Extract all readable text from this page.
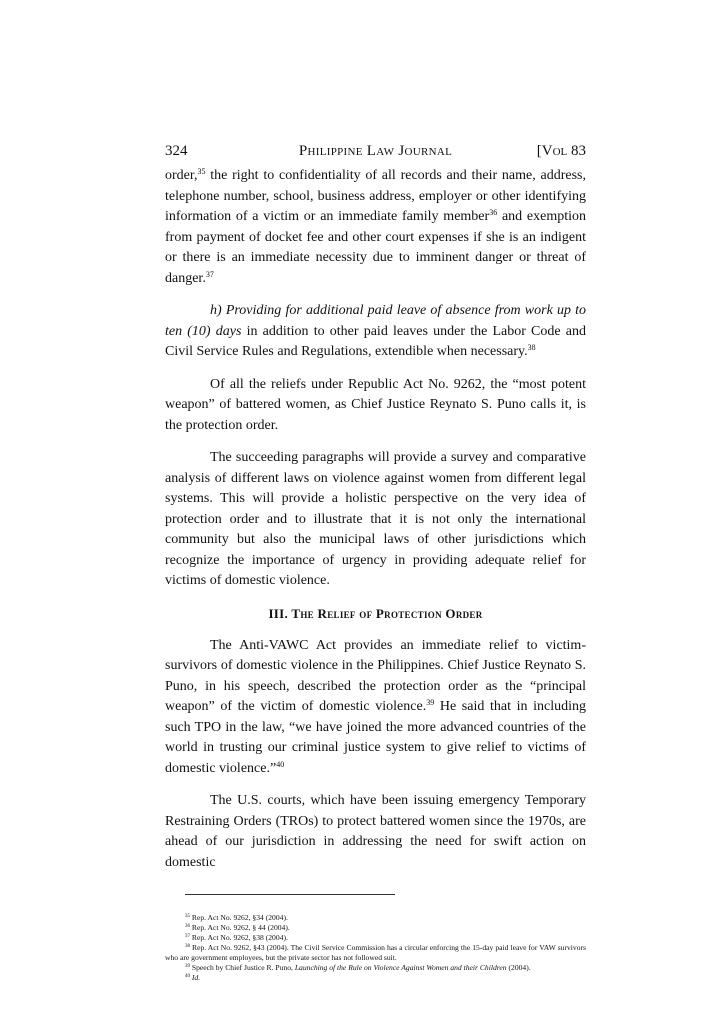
324	Philippine Law Journal	[Vol 83

order,$^{35}$ the right to confidentiality of all records and their name, address, telephone number, school, business address, employer or other identifying information of a victim or an immediate family member$^{36}$ and exemption from payment of docket fee and other court expenses if she is an indigent or there is an immediate necessity due to imminent danger or threat of danger.$^{37}$

h) Providing for additional paid leave of absence from work up to ten (10) days in addition to other paid leaves under the Labor Code and Civil Service Rules and Regulations, extendible when necessary.$^{38}$

Of all the reliefs under Republic Act No. 9262, the “most potent weapon” of battered women, as Chief Justice Reynato S. Puno calls it, is the protection order.

The succeeding paragraphs will provide a survey and comparative analysis of different laws on violence against women from different legal systems. This will provide a holistic perspective on the very idea of protection order and to illustrate that it is not only the international community but also the municipal laws of other jurisdictions which recognize the importance of urgency in providing adequate relief for victims of domestic violence.

III. The Relief of Protection Order

The Anti-VAWC Act provides an immediate relief to victim-survivors of domestic violence in the Philippines. Chief Justice Reynato S. Puno, in his speech, described the protection order as the “principal weapon” of the victim of domestic violence.$^{39}$ He said that in including such TPO in the law, “we have joined the more advanced countries of the world in trusting our criminal justice system to give relief to victims of domestic violence.”$^{40}$

The U.S. courts, which have been issuing emergency Temporary Restraining Orders (TROs) to protect battered women since the 1970s, are ahead of our jurisdiction in addressing the need for swift action on domestic

$^{35}$ Rep. Act No. 9262, §34 (2004).
$^{36}$ Rep. Act No. 9262, § 44 (2004).
$^{37}$ Rep. Act No. 9262, §38 (2004).
$^{38}$ Rep. Act No. 9262, §43 (2004). The Civil Service Commission has a circular enforcing the 15-day paid leave for VAW survivors who are government employees, but the private sector has not followed suit.
$^{39}$ Speech by Chief Justice R. Puno, Launching of the Rule on Violence Against Women and their Children (2004).
$^{40}$ Id.
